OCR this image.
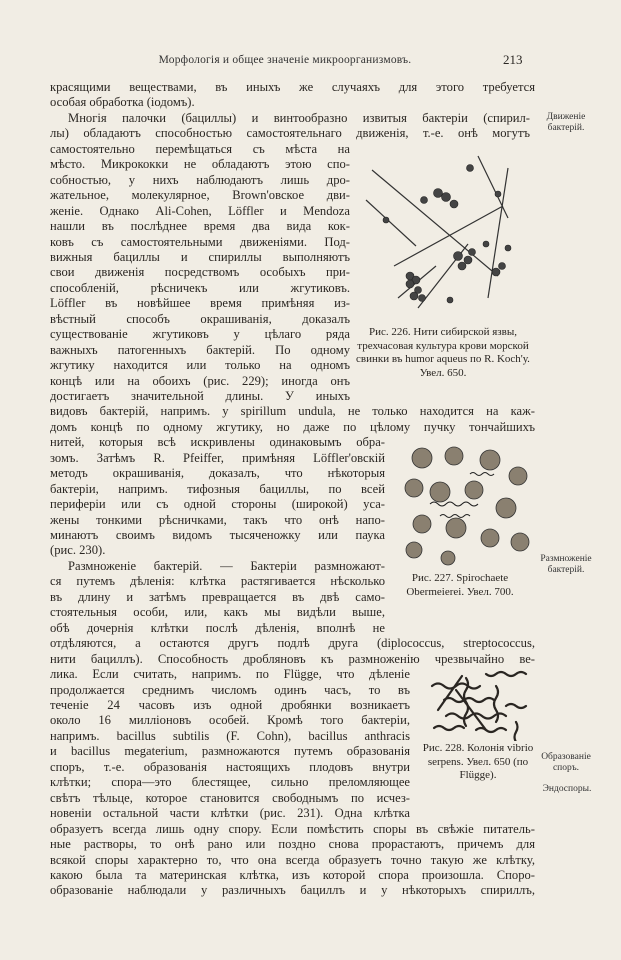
Морфологія и общее значеніе микроорганизмовъ.	213
Движеніе бактерій.
Размноженіе бактерій.
Образованіе споръ.
Эндоспоры.
красящими веществами, въ иныхъ же случаяхъ для этого требуется
особая обработка (іодомъ).
Многія палочки (бациллы) и винтообразно извитыя бактеріи (спирил-
лы) обладаютъ способностью самостоятельнаго движенія, т.-е. онѣ могутъ
самостоятельно перемѣщаться съ мѣста на
мѣсто. Микрококки не обладаютъ этою спо-
собностью, у нихъ наблюдаютъ лишь дро-
жательное, молекулярное, Brown'овское дви-
женіе. Однако Ali-Cohen, Löffler и Mendoza
нашли въ послѣднее время два вида кок-
ковъ съ самостоятельными движеніями. Под-
вижныя бациллы и спириллы выполняютъ
свои движенія посредствомъ особыхъ при-
способленій, рѣсничекъ или жгутиковъ.
Löffler въ новѣйшее время примѣняя из-
вѣстный способъ окрашиванія, доказалъ
существованіе жгутиковъ у цѣлаго ряда
важныхъ патогенныхъ бактерій. По одному
жгутику находится или только на одномъ
концѣ или на обоихъ (рис. 229); иногда онъ
достигаетъ значительной длины. У иныхъ
видовъ бактерій, напримъ. у spirillum undula, не только находится на каж-
домъ концѣ по одному жгутику, но даже по цѣлому пучку тончайшихъ
нитей, которыя всѣ искривлены одинаковымъ обра-
зомъ. Затѣмъ R. Pfeiffer, примѣняя Löffler'овскій
методъ окрашиванія, доказалъ, что нѣкоторыя
бактеріи, напримъ. тифозныя бациллы, по всей
периферіи или съ одной стороны (широкой) уса-
жены тонкими рѣсничками, такъ что онѣ напо-
минаютъ своимъ видомъ тысяченожку или паука
(рис. 230).
Размноженіе бактерій. — Бактеріи размножают-
ся путемъ дѣленія: клѣтка растягивается нѣсколько
въ длину и затѣмъ превращается въ двѣ само-
стоятельныя особи, или, какъ мы видѣли выше,
обѣ дочернія клѣтки послѣ дѣленія, вполнѣ не
отдѣляются, а остаются другъ подлѣ друга (diplococcus, streptococcus,
нити бациллъ). Способность дробляновъ къ размноженію чрезвычайно ве-
лика. Если считать, напримъ. по Flügge, что дѣленіе
продолжается среднимъ числомъ одинъ часъ, то въ
теченіе 24 часовъ изъ одной дробянки возникаетъ
около 16 милліоновъ особей. Кромѣ того бактеріи,
напримъ. bacillus subtilis (F. Cohn), bacillus anthracis
и bacillus megaterium, размножаются путемъ образованія
споръ, т.-е. образованія настоящихъ плодовъ внутри
клѣтки; спора—это блестящее, сильно преломляющее
свѣтъ тѣльце, которое становится свободнымъ по исчез-
новеніи остальной части клѣтки (рис. 231). Одна клѣтка
образуетъ всегда лишь одну спору. Если помѣстить споры въ свѣжіе питатель-
ные растворы, то онѣ рано или поздно снова прорастаютъ, причемъ для
всякой споры характерно то, что она всегда образуетъ точно такую же клѣтку,
какою была та материнская клѣтка, изъ которой спора произошла. Споро-
образованіе наблюдали у различныхъ бациллъ и у нѣкоторыхъ спириллъ,
Рис. 226. Нити сибирской язвы, трехчасовая культура крови морской свинки въ humor aqueus по R. Koch'у. Увел. 650.
Рис. 227. Spirochaete Obermeierei. Увел. 700.
Рис. 228. Колонія vibrio serpens. Увел. 650 (по Flügge).
